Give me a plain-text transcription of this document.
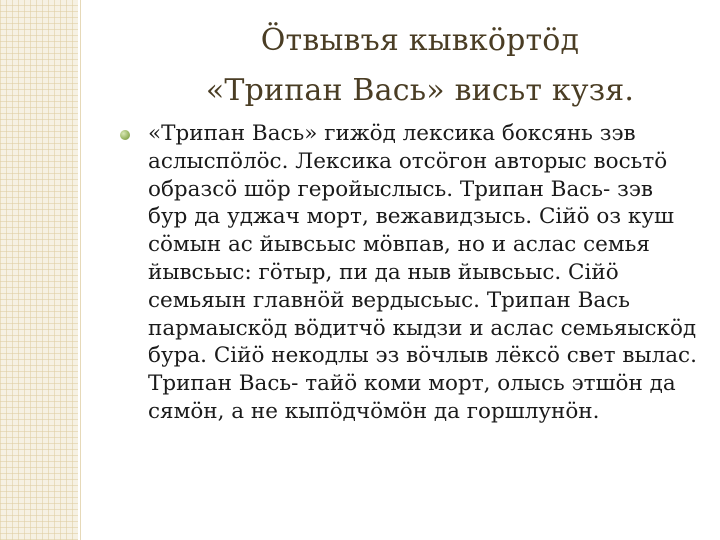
Öтвывъя кывкöртöд
«Трипан Вась» висьт кузя.
«Трипан Вась» гижöд лексика боксянь зэв
аслыспöлöс. Лексика отсöгон авторыс восьтö
образсö шöр геройыслысь. Трипан Вась- зэв
бур да уджач морт, вежавидзысь. Сiйö оз куш
сöмын ас йывсьыс мöвпав, но и аслас семья
йывсьыс: гöтыр, пи да ныв йывсьыс. Сiйö
семьяын главнöй вердысьыс. Трипан Вась
пармаыскöд вöдитчö кыдзи и аслас семьяыскöд
бура. Сiйö некодлы эз вöчлыв лёксö свет вылас.
Трипан Вась- тайö коми морт, олысь этшöн да
сямöн, а не кыпöдчöмöн да горшлунöн.
